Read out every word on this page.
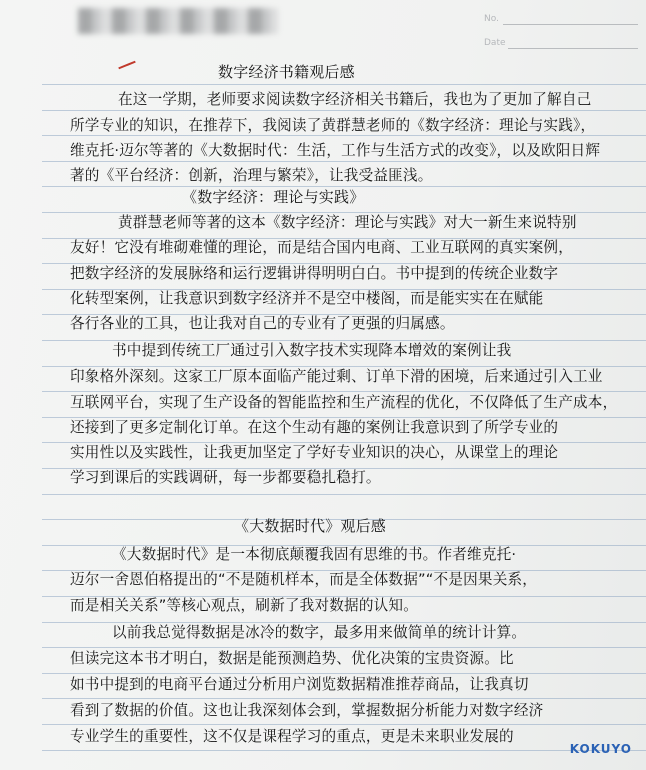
No.
Date
数字经济书籍观后感
在这一学期，老师要求阅读数字经济相关书籍后，我也为了更加了解自己
所学专业的知识，在推荐下，我阅读了黄群慧老师的《数字经济：理论与实践》，
维克托·迈尔等著的《大数据时代：生活，工作与生活方式的改变》，以及欧阳日辉
著的《平台经济：创新，治理与繁荣》，让我受益匪浅。
《数字经济：理论与实践》
黄群慧老师等著的这本《数字经济：理论与实践》对大一新生来说特别
友好！它没有堆砌难懂的理论，而是结合国内电商、工业互联网的真实案例，
把数字经济的发展脉络和运行逻辑讲得明明白白。书中提到的传统企业数字
化转型案例，让我意识到数字经济并不是空中楼阁，而是能实实在在赋能
各行各业的工具，也让我对自己的专业有了更强的归属感。
书中提到传统工厂通过引入数字技术实现降本增效的案例让我
印象格外深刻。这家工厂原本面临产能过剩、订单下滑的困境，后来通过引入工业
互联网平台，实现了生产设备的智能监控和生产流程的优化，不仅降低了生产成本，
还接到了更多定制化订单。在这个生动有趣的案例让我意识到了所学专业的
实用性以及实践性，让我更加坚定了学好专业知识的决心，从课堂上的理论
学习到课后的实践调研，每一步都要稳扎稳打。
《大数据时代》观后感
《大数据时代》是一本彻底颠覆我固有思维的书。作者维克托·
迈尔一舍恩伯格提出的“不是随机样本，而是全体数据”“不是因果关系，
而是相关关系”等核心观点，刷新了我对数据的认知。
以前我总觉得数据是冰冷的数字，最多用来做简单的统计计算。
但读完这本书才明白，数据是能预测趋势、优化决策的宝贵资源。比
如书中提到的电商平台通过分析用户浏览数据精准推荐商品，让我真切
看到了数据的价值。这也让我深刻体会到，掌握数据分析能力对数字经济
专业学生的重要性，这不仅是课程学习的重点，更是未来职业发展的
KOKUYO
